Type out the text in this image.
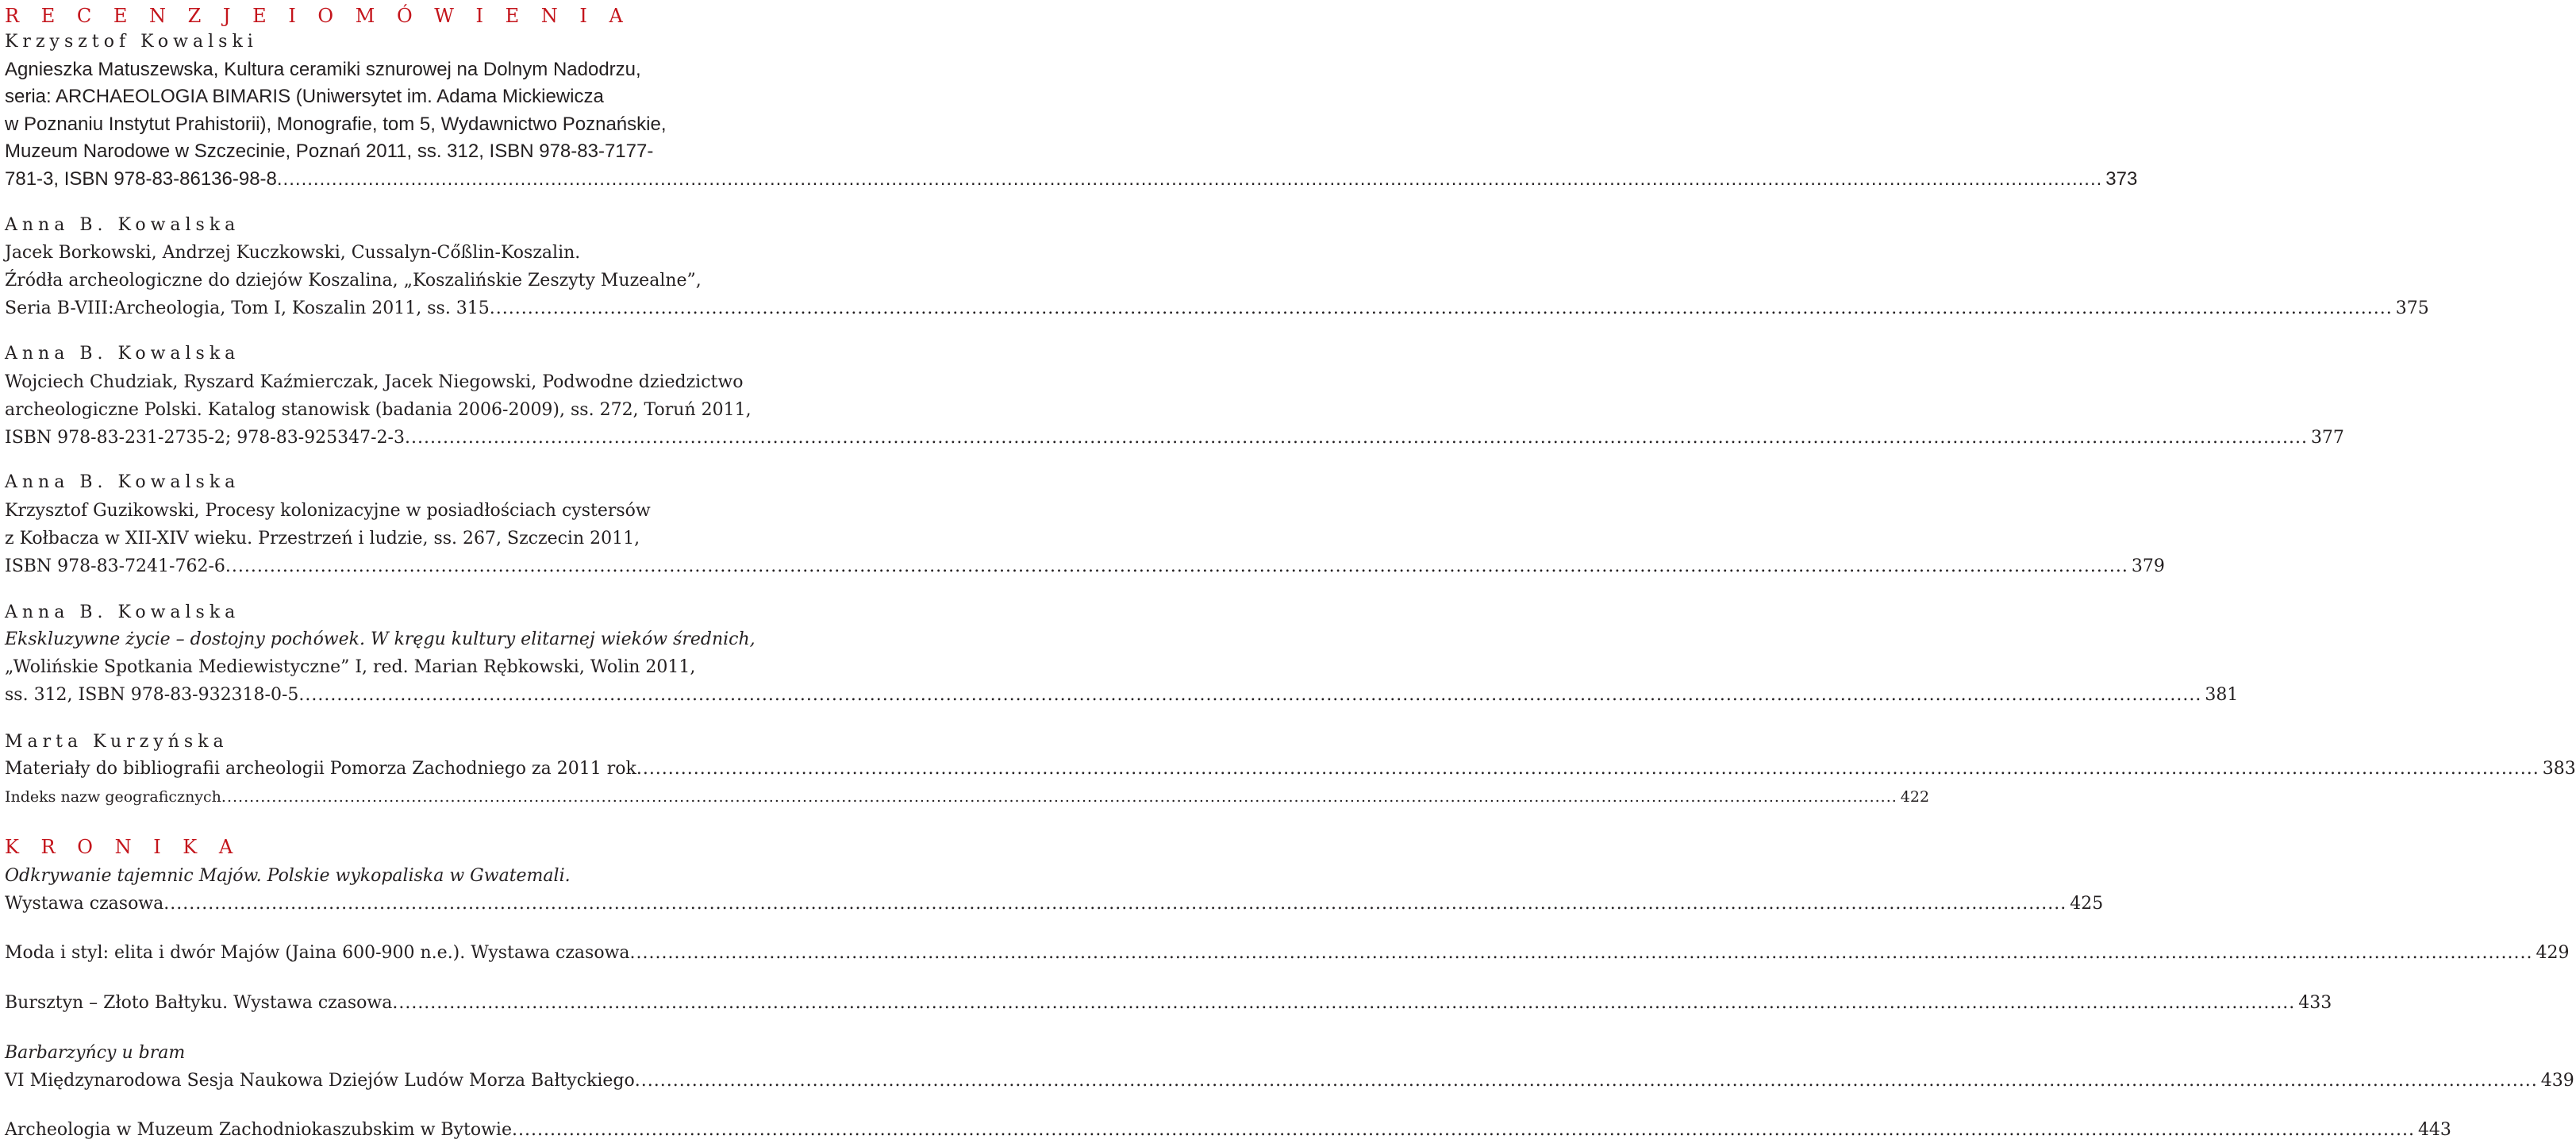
R E C E N Z J E I O M Ó W I E N I A
Krzysztof Kowalski
Agnieszka Matuszewska, Kultura ceramiki sznurowej na Dolnym Nadodrzu,
seria: ARCHAEOLOGIA BIMARIS (Uniwersytet im. Adama Mickiewicza
w Poznaniu Instytut Prahistorii), Monografie, tom 5, Wydawnictwo Poznańskie,
Muzeum Narodowe w Szczecinie, Poznań 2011, ss. 312, ISBN 978-83-7177-
781-3, ISBN 978-83-86136-98-8 ............................................................................................................................................................................................................................................................................................................ 373
Anna B. Kowalska
Jacek Borkowski, Andrzej Kuczkowski, Cussalyn-Cőßlin-Koszalin.
Źródła archeologiczne do dziejów Koszalina, „Koszalińskie Zeszyty Muzealne”,
Seria B-VIII:Archeologia, Tom I, Koszalin 2011, ss. 315 ............................................................................................................................................................................................................................................................................................................ 375
Anna B. Kowalska
Wojciech Chudziak, Ryszard Kaźmierczak, Jacek Niegowski, Podwodne dziedzictwo
archeologiczne Polski. Katalog stanowisk (badania 2006-2009), ss. 272, Toruń 2011,
ISBN 978-83-231-2735-2; 978-83-925347-2-3 ............................................................................................................................................................................................................................................................................................................ 377
Anna B. Kowalska
Krzysztof Guzikowski, Procesy kolonizacyjne w posiadłościach cystersów
z Kołbacza w XII-XIV wieku. Przestrzeń i ludzie, ss. 267, Szczecin 2011,
ISBN 978-83-7241-762-6 ............................................................................................................................................................................................................................................................................................................ 379
Anna B. Kowalska
Ekskluzywne życie – dostojny pochówek. W kręgu kultury elitarnej wieków średnich,
„Wolińskie Spotkania Mediewistyczne” I, red. Marian Rębkowski, Wolin 2011,
ss. 312, ISBN 978-83-932318-0-5 ............................................................................................................................................................................................................................................................................................................ 381
Marta Kurzyńska
Materiały do bibliografii archeologii Pomorza Zachodniego za 2011 rok ............................................................................................................................................................................................................................................................................................................ 383
Indeks nazw geograficznych ............................................................................................................................................................................................................................................................................................................ 422
K R O N I K A
Odkrywanie tajemnic Majów. Polskie wykopaliska w Gwatemali.
Wystawa czasowa ............................................................................................................................................................................................................................................................................................................ 425
Moda i styl: elita i dwór Majów (Jaina 600-900 n.e.). Wystawa czasowa ............................................................................................................................................................................................................................................................................................................ 429
Bursztyn – Złoto Bałtyku. Wystawa czasowa ............................................................................................................................................................................................................................................................................................................ 433
Barbarzyńcy u bram
VI Międzynarodowa Sesja Naukowa Dziejów Ludów Morza Bałtyckiego ............................................................................................................................................................................................................................................................................................................ 439
Archeologia w Muzeum Zachodniokaszubskim w Bytowie ............................................................................................................................................................................................................................................................................................................ 443
